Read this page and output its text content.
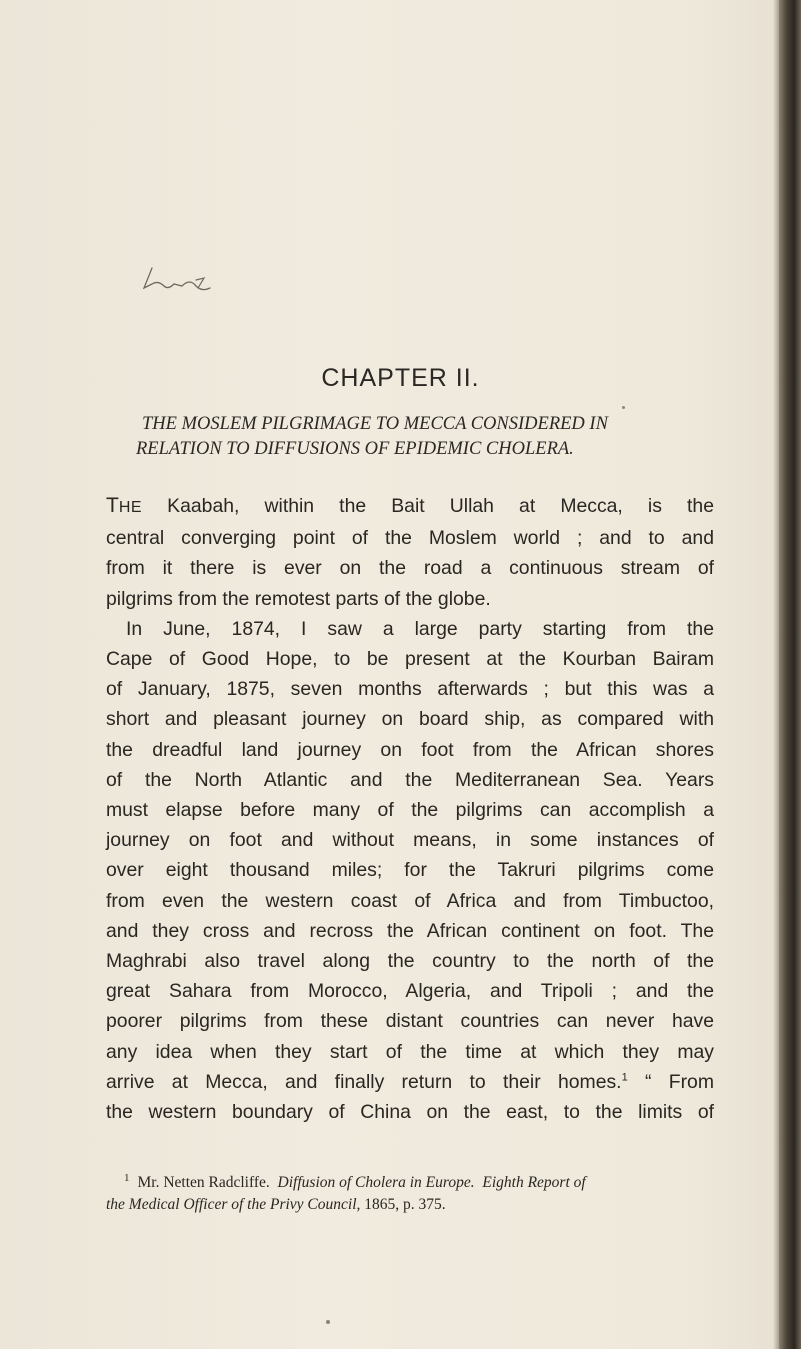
CHAPTER II.
THE MOSLEM PILGRIMAGE TO MECCA CONSIDERED IN
RELATION TO DIFFUSIONS OF EPIDEMIC CHOLERA.
THE Kaabah, within the Bait Ullah at Mecca, is the
central converging point of the Moslem world ; and to and
from it there is ever on the road a continuous stream of
pilgrims from the remotest parts of the globe.
In June, 1874, I saw a large party starting from the
Cape of Good Hope, to be present at the Kourban Bairam
of January, 1875, seven months afterwards ; but this was a
short and pleasant journey on board ship, as compared with
the dreadful land journey on foot from the African shores
of the North Atlantic and the Mediterranean Sea. Years
must elapse before many of the pilgrims can accomplish a
journey on foot and without means, in some instances of
over eight thousand miles; for the Takruri pilgrims come
from even the western coast of Africa and from Timbuctoo,
and they cross and recross the African continent on foot. The
Maghrabi also travel along the country to the north of the
great Sahara from Morocco, Algeria, and Tripoli ; and the
poorer pilgrims from these distant countries can never have
any idea when they start of the time at which they may
arrive at Mecca, and finally return to their homes.$^1$ “ From
the western boundary of China on the east, to the limits of
$^1$ Mr. Netten Radcliffe. Diffusion of Cholera in Europe. Eighth Report of
the Medical Officer of the Privy Council, 1865, p. 375.
